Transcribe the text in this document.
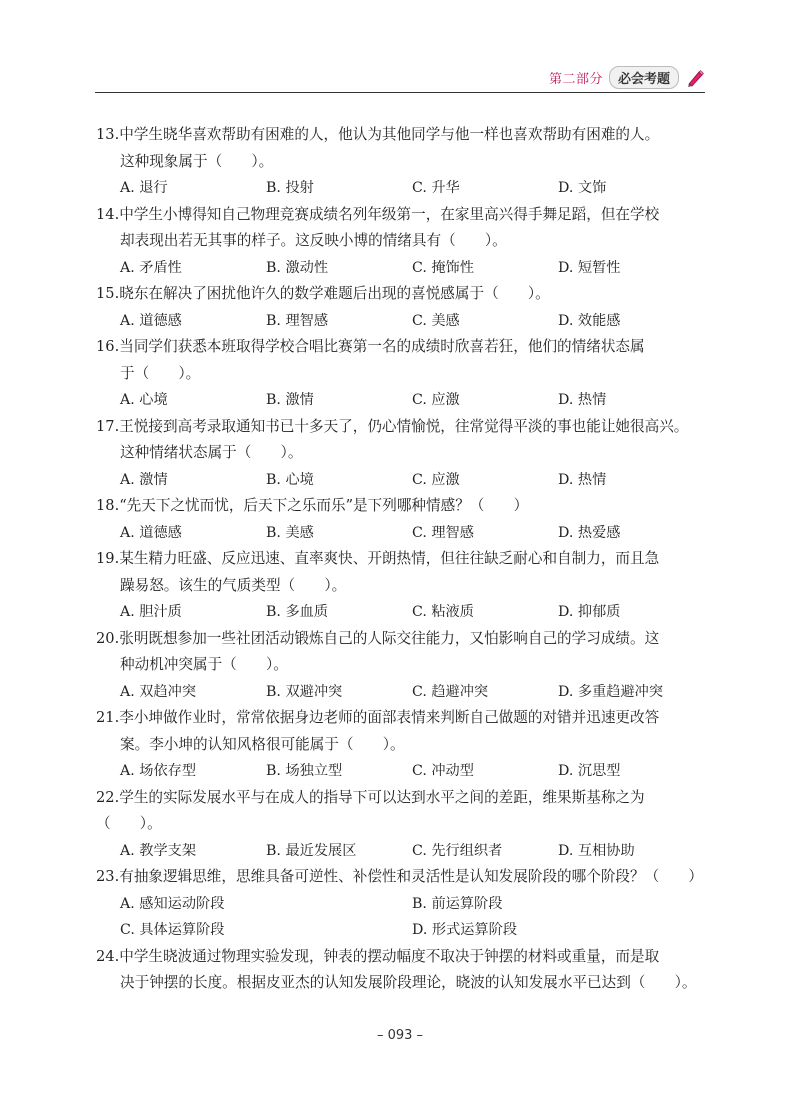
第二部分	必会考题
13.中学生晓华喜欢帮助有困难的人，他认为其他同学与他一样也喜欢帮助有困难的人。
这种现象属于（　　）。
A. 退行	B. 投射	C. 升华	D. 文饰
14.中学生小博得知自己物理竞赛成绩名列年级第一，在家里高兴得手舞足蹈，但在学校
却表现出若无其事的样子。这反映小博的情绪具有（　　）。
A. 矛盾性	B. 激动性	C. 掩饰性	D. 短暂性
15.晓东在解决了困扰他许久的数学难题后出现的喜悦感属于（　　）。
A. 道德感	B. 理智感	C. 美感	D. 效能感
16.当同学们获悉本班取得学校合唱比赛第一名的成绩时欣喜若狂，他们的情绪状态属
于（　　）。
A. 心境	B. 激情	C. 应激	D. 热情
17.王悦接到高考录取通知书已十多天了，仍心情愉悦，往常觉得平淡的事也能让她很高兴。
这种情绪状态属于（　　）。
A. 激情	B. 心境	C. 应激	D. 热情
18.“先天下之忧而忧，后天下之乐而乐”是下列哪种情感？（　　）
A. 道德感	B. 美感	C. 理智感	D. 热爱感
19.某生精力旺盛、反应迅速、直率爽快、开朗热情，但往往缺乏耐心和自制力，而且急
躁易怒。该生的气质类型（　　）。
A. 胆汁质	B. 多血质	C. 粘液质	D. 抑郁质
20.张明既想参加一些社团活动锻炼自己的人际交往能力，又怕影响自己的学习成绩。这
种动机冲突属于（　　）。
A. 双趋冲突	B. 双避冲突	C. 趋避冲突	D. 多重趋避冲突
21.李小坤做作业时，常常依据身边老师的面部表情来判断自己做题的对错并迅速更改答
案。李小坤的认知风格很可能属于（　　）。
A. 场依存型	B. 场独立型	C. 冲动型	D. 沉思型
22.学生的实际发展水平与在成人的指导下可以达到水平之间的差距，维果斯基称之为（　　）。
A. 教学支架	B. 最近发展区	C. 先行组织者	D. 互相协助
23.有抽象逻辑思维，思维具备可逆性、补偿性和灵活性是认知发展阶段的哪个阶段？（　　）
A. 感知运动阶段	B. 前运算阶段
C. 具体运算阶段	D. 形式运算阶段
24.中学生晓波通过物理实验发现，钟表的摆动幅度不取决于钟摆的材料或重量，而是取
决于钟摆的长度。根据皮亚杰的认知发展阶段理论，晓波的认知发展水平已达到（　　）。
– 093 –
